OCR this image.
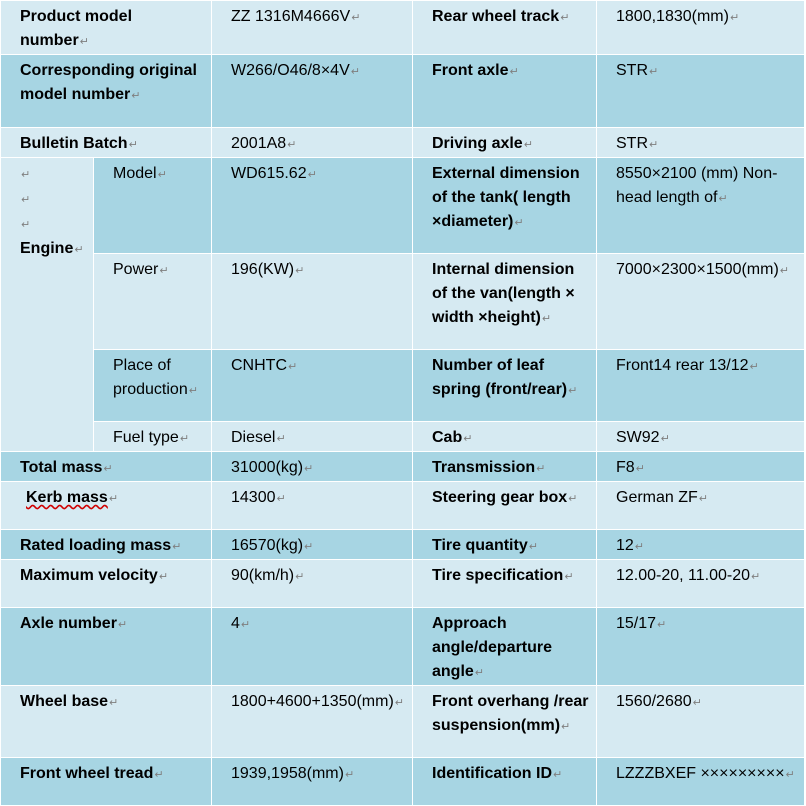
Product model number↵		ZZ 1316M4666V↵	Rear wheel track↵	1800,1830(mm)↵
Corresponding original model number↵		W266/O46/8×4V↵	Front axle↵	STR↵
Bulletin Batch↵		2001A8↵	Driving axle↵	STR↵
↵
↵
↵
Engine↵	Model↵	WD615.62↵	External dimension of the tank( length ×diameter)↵	8550×2100 (mm) Non-head length of↵
	Power↵	196(KW)↵	Internal dimension of the van(length × width ×height)↵	7000×2300×1500(mm)↵
	Place of production↵	CNHTC↵	Number of leaf spring (front/rear)↵	Front14 rear 13/12↵
	Fuel type↵	Diesel↵	Cab↵	SW92↵
Total mass↵		31000(kg)↵	Transmission↵	F8↵
Kerb mass↵		14300↵	Steering gear box↵	German ZF↵
Rated loading mass↵		16570(kg)↵	Tire quantity↵	12↵
Maximum velocity↵		90(km/h)↵	Tire specification↵	12.00-20, 11.00-20↵
Axle number↵		4↵	Approach angle/departure angle↵	15/17↵
Wheel base↵		1800+4600+1350(mm)↵	Front overhang /rear suspension(mm)↵	1560/2680↵
Front wheel tread↵		1939,1958(mm)↵	Identification ID↵	LZZZBXEF ×××××××××↵
